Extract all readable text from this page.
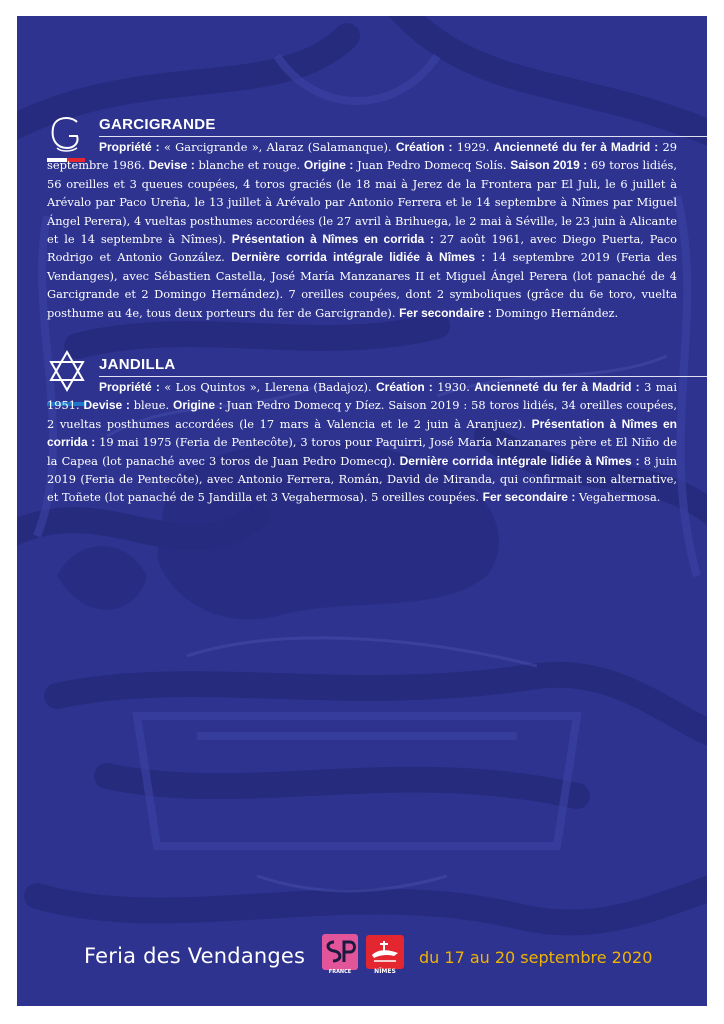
GARCIGRANDE
Propriété : « Garcigrande », Alaraz (Salamanque). Création : 1929. Ancienneté du fer à Madrid : 29 septembre 1986. Devise : blanche et rouge. Origine : Juan Pedro Domecq Solís. Saison 2019 : 69 toros lidiés, 56 oreilles et 3 queues coupées, 4 toros graciés (le 18 mai à Jerez de la Frontera par El Juli, le 6 juillet à Arévalo par Paco Ureña, le 13 juillet à Arévalo par Antonio Ferrera et le 14 septembre à Nîmes par Miguel Ángel Perera), 4 vueltas posthumes accordées (le 27 avril à Brihuega, le 2 mai à Séville, le 23 juin à Alicante et le 14 septembre à Nîmes). Présentation à Nîmes en corrida : 27 août 1961, avec Diego Puerta, Paco Rodrigo et Antonio González. Dernière corrida intégrale lidiée à Nîmes : 14 septembre 2019 (Feria des Vendanges), avec Sébastien Castella, José María Manzanares II et Miguel Ángel Perera (lot panaché de 4 Garcigrande et 2 Domingo Hernández). 7 oreilles coupées, dont 2 symboliques (grâce du 6e toro, vuelta posthume au 4e, tous deux porteurs du fer de Garcigrande). Fer secondaire : Domingo Hernández.
JANDILLA
Propriété : « Los Quintos », Llerena (Badajoz). Création : 1930. Ancienneté du fer à Madrid : 3 mai 1951. Devise : bleue. Origine : Juan Pedro Domecq y Díez. Saison 2019 : 58 toros lidiés, 34 oreilles coupées, 2 vueltas posthumes accordées (le 17 mars à Valencia et le 2 juin à Aranjuez). Présentation à Nîmes en corrida : 19 mai 1975 (Feria de Pentecôte), 3 toros pour Paquirri, José María Manzanares père et El Niño de la Capea (lot panaché avec 3 toros de Juan Pedro Domecq). Dernière corrida intégrale lidiée à Nîmes : 8 juin 2019 (Feria de Pentecôte), avec Antonio Ferrera, Román, David de Miranda, qui confirmait son alternative, et Toñete (lot panaché de 5 Jandilla et 3 Vegahermosa). 5 oreilles coupées. Fer secondaire : Vegahermosa.
Feria des Vendanges
FRANCE	NÎMES
du 17 au 20 septembre 2020
